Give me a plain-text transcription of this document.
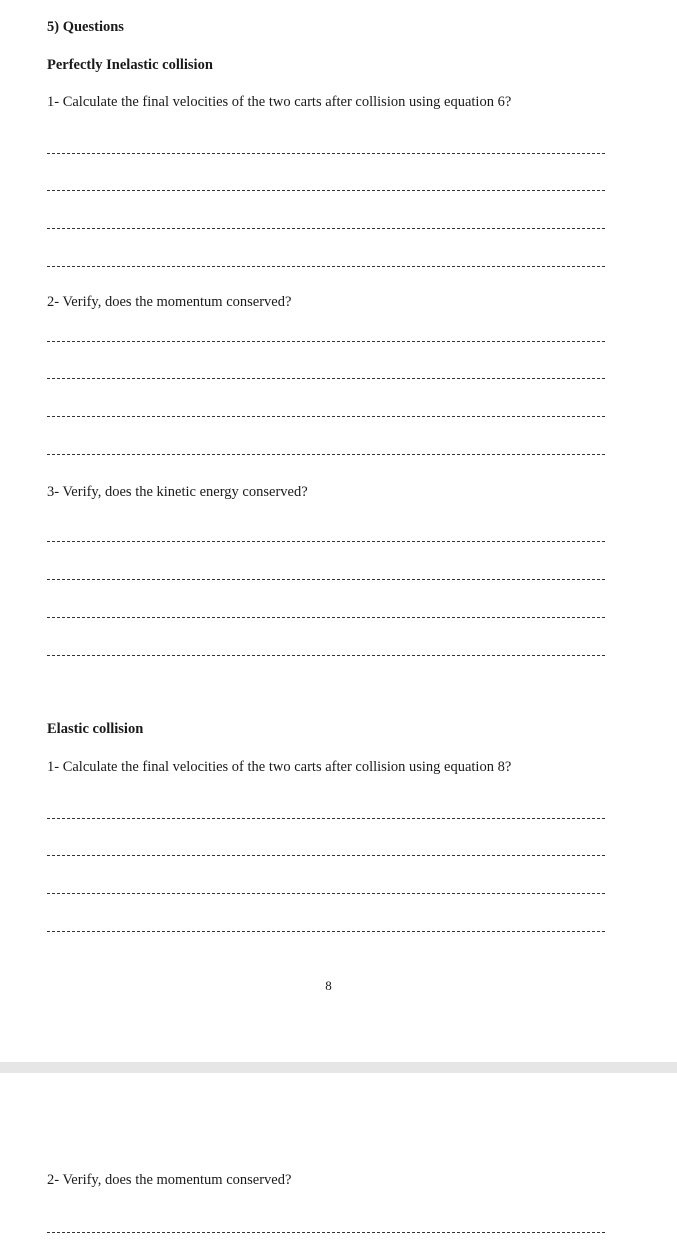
5) Questions
Perfectly Inelastic collision
1- Calculate the final velocities of the two carts after collision using equation 6?
2- Verify, does the momentum conserved?
3- Verify, does the kinetic energy conserved?
Elastic collision
1- Calculate the final velocities of the two carts after collision using equation 8?
8
2- Verify, does the momentum conserved?
